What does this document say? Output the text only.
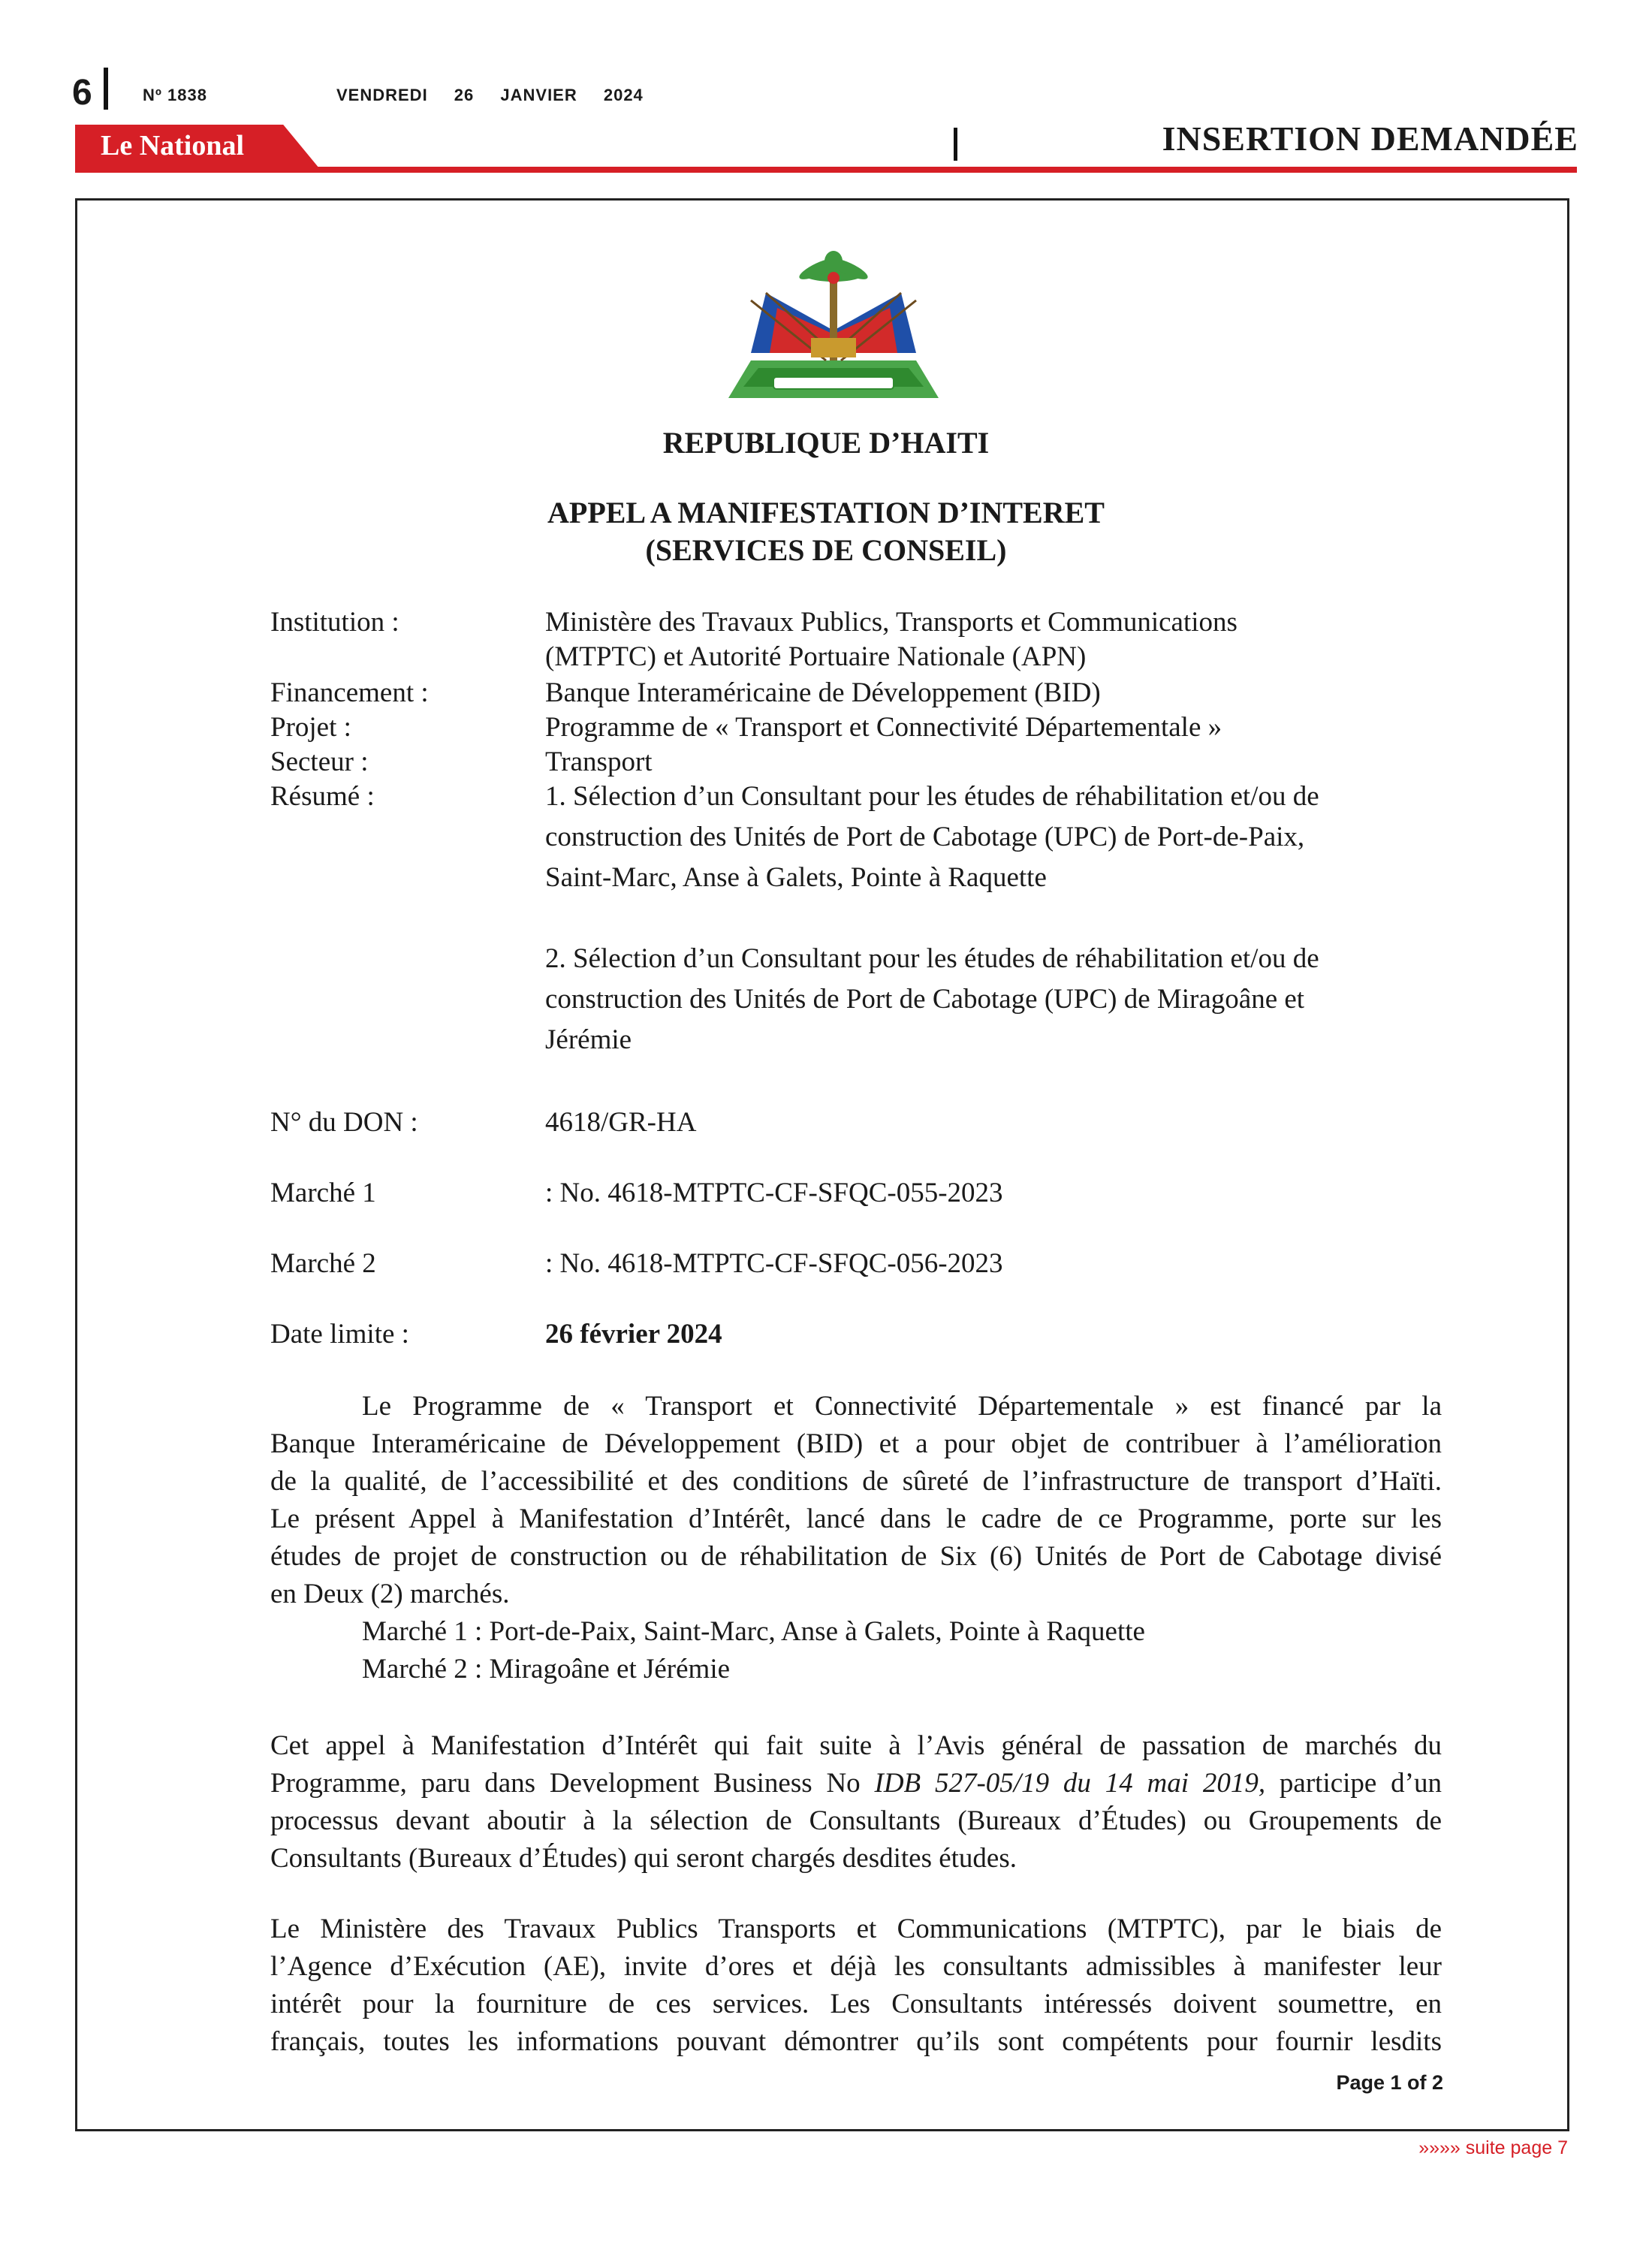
6	Nº 1838	VENDREDI 26 JANVIER 2024
Le National	INSERTION DEMANDÉE
REPUBLIQUE D’HAITI
APPEL A MANIFESTATION D’INTERET
(SERVICES DE CONSEIL)
Institution :	Ministère des Travaux Publics, Transports et Communications
(MTPTC) et Autorité Portuaire Nationale (APN)
Financement :	Banque Interaméricaine de Développement (BID)
Projet :	Programme de « Transport et Connectivité Départementale »
Secteur :	Transport
Résumé :	1. Sélection d’un Consultant pour les études de réhabilitation et/ou de
construction des Unités de Port de Cabotage (UPC) de Port-de-Paix,
Saint-Marc, Anse à Galets, Pointe à Raquette
2. Sélection d’un Consultant pour les études de réhabilitation et/ou de
construction des Unités de Port de Cabotage (UPC) de Miragoâne et
Jérémie
N° du DON :	4618/GR-HA
Marché 1	: No. 4618-MTPTC-CF-SFQC-055-2023
Marché 2	: No. 4618-MTPTC-CF-SFQC-056-2023
Date limite :	26 février 2024
Le Programme de « Transport et Connectivité Départementale » est financé par la
Banque Interaméricaine de Développement (BID) et a pour objet de contribuer à l’amélioration
de la qualité, de l’accessibilité et des conditions de sûreté de l’infrastructure de transport d’Haïti.
Le présent Appel à Manifestation d’Intérêt, lancé dans le cadre de ce Programme, porte sur les
études de projet de construction ou de réhabilitation de Six (6) Unités de Port de Cabotage divisé
en Deux (2) marchés.
Marché 1 : Port-de-Paix, Saint-Marc, Anse à Galets, Pointe à Raquette
Marché 2 : Miragoâne et Jérémie
Cet appel à Manifestation d’Intérêt qui fait suite à l’Avis général de passation de marchés du
Programme, paru dans Development Business No IDB 527-05/19 du 14 mai 2019, participe d’un
processus devant aboutir à la sélection de Consultants (Bureaux d’Études) ou Groupements de
Consultants (Bureaux d’Études) qui seront chargés desdites études.
Le Ministère des Travaux Publics Transports et Communications (MTPTC), par le biais de
l’Agence d’Exécution (AE), invite d’ores et déjà les consultants admissibles à manifester leur
intérêt pour la fourniture de ces services. Les Consultants intéressés doivent soumettre, en
français, toutes les informations pouvant démontrer qu’ils sont compétents pour fournir lesdits
Page 1 of 2
»»»» suite page 7
